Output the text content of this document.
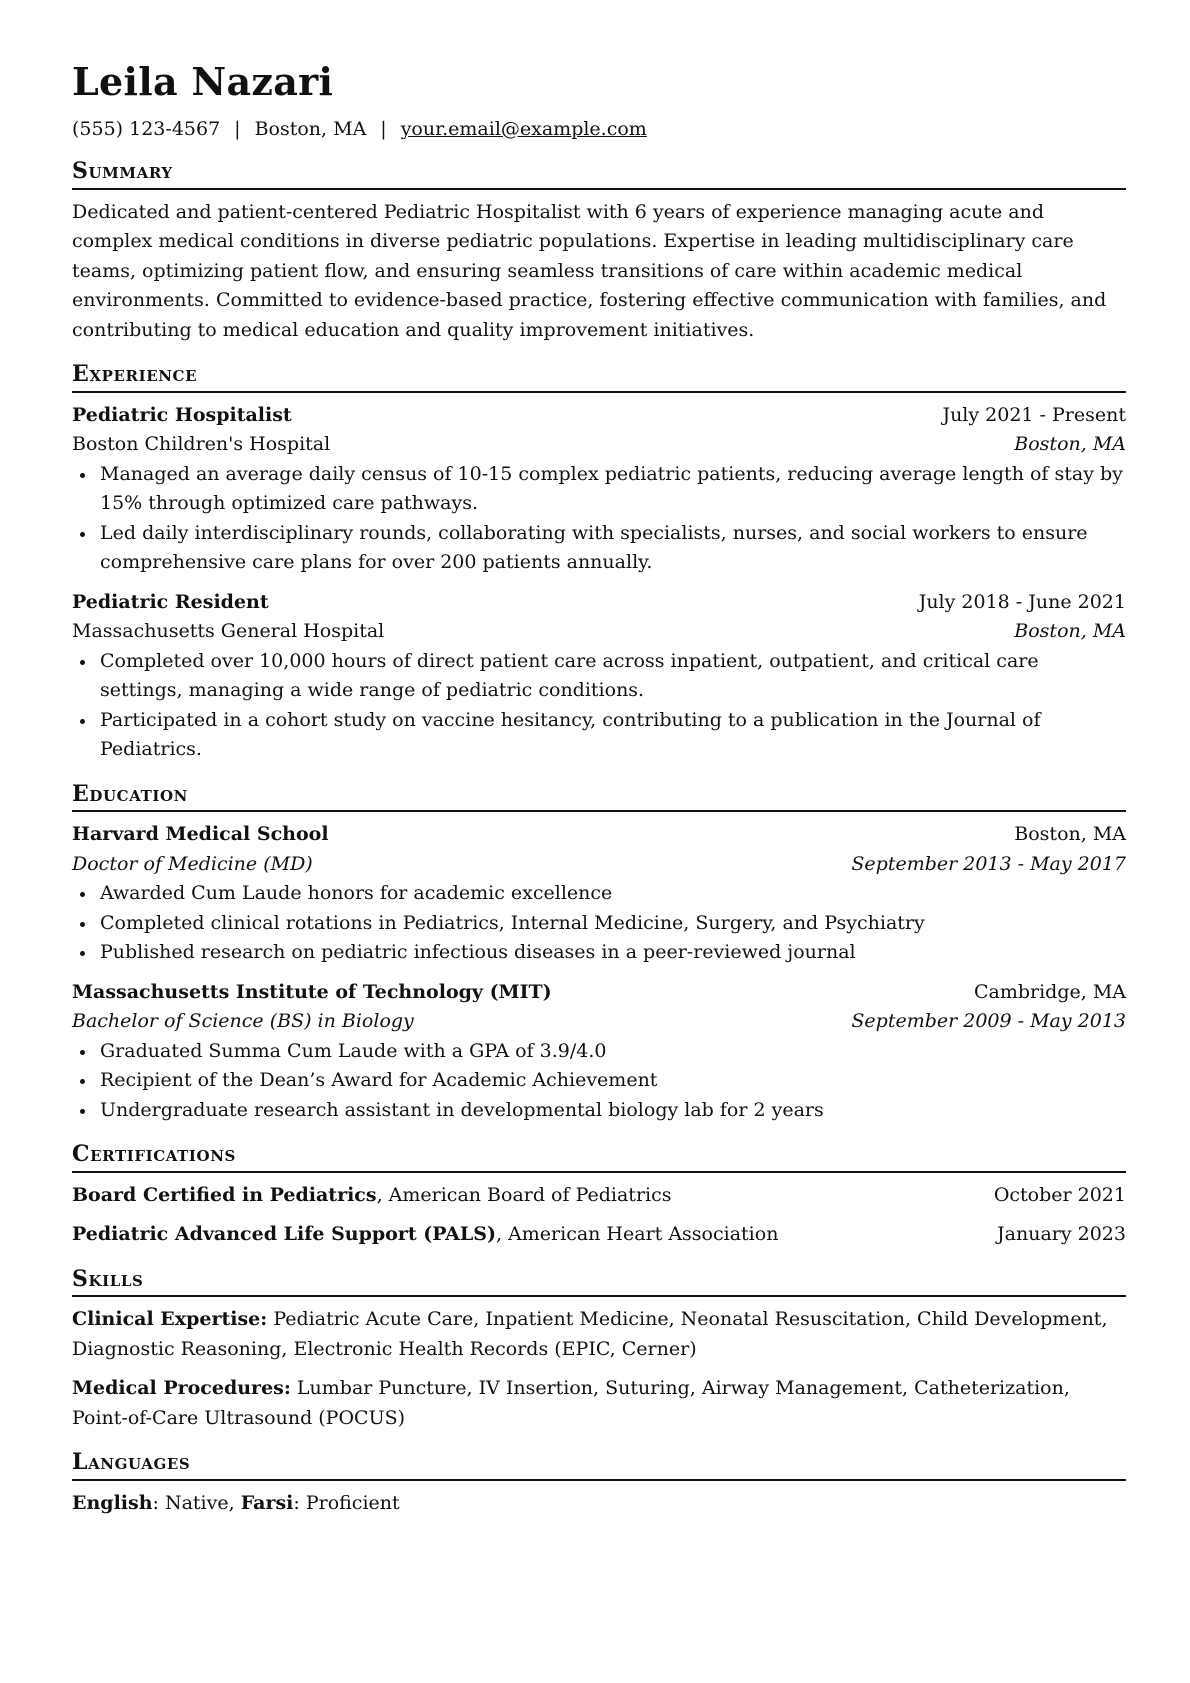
Leila Nazari
(555) 123-4567 | Boston, MA | your.email@example.com
Summary

Dedicated and patient-centered Pediatric Hospitalist with 6 years of experience managing acute and complex medical conditions in diverse pediatric populations. Expertise in leading multidisciplinary care teams, optimizing patient flow, and ensuring seamless transitions of care within academic medical environments. Committed to evidence-based practice, fostering effective communication with families, and contributing to medical education and quality improvement initiatives.

Experience
Pediatric Hospitalist	July 2021 - Present
Boston Children's Hospital	Boston, MA
Managed an average daily census of 10-15 complex pediatric patients, reducing average length of stay by 15% through optimized care pathways.
Led daily interdisciplinary rounds, collaborating with specialists, nurses, and social workers to ensure comprehensive care plans for over 200 patients annually.
Pediatric Resident	July 2018 - June 2021
Massachusetts General Hospital	Boston, MA
Completed over 10,000 hours of direct patient care across inpatient, outpatient, and critical care settings, managing a wide range of pediatric conditions.
Participated in a cohort study on vaccine hesitancy, contributing to a publication in the Journal of Pediatrics.
Education
Harvard Medical School	Boston, MA
Doctor of Medicine (MD)	September 2013 - May 2017
Awarded Cum Laude honors for academic excellence
Completed clinical rotations in Pediatrics, Internal Medicine, Surgery, and Psychiatry
Published research on pediatric infectious diseases in a peer-reviewed journal
Massachusetts Institute of Technology (MIT)	Cambridge, MA
Bachelor of Science (BS) in Biology	September 2009 - May 2013
Graduated Summa Cum Laude with a GPA of 3.9/4.0
Recipient of the Dean’s Award for Academic Achievement
Undergraduate research assistant in developmental biology lab for 2 years
Certifications
Board Certified in Pediatrics, American Board of Pediatrics	October 2021
Pediatric Advanced Life Support (PALS), American Heart Association	January 2023
Skills

Clinical Expertise: Pediatric Acute Care, Inpatient Medicine, Neonatal Resuscitation, Child Development, Diagnostic Reasoning, Electronic Health Records (EPIC, Cerner)

Medical Procedures: Lumbar Puncture, IV Insertion, Suturing, Airway Management, Catheterization, Point-of-Care Ultrasound (POCUS)

Languages

English: Native, Farsi: Proficient
